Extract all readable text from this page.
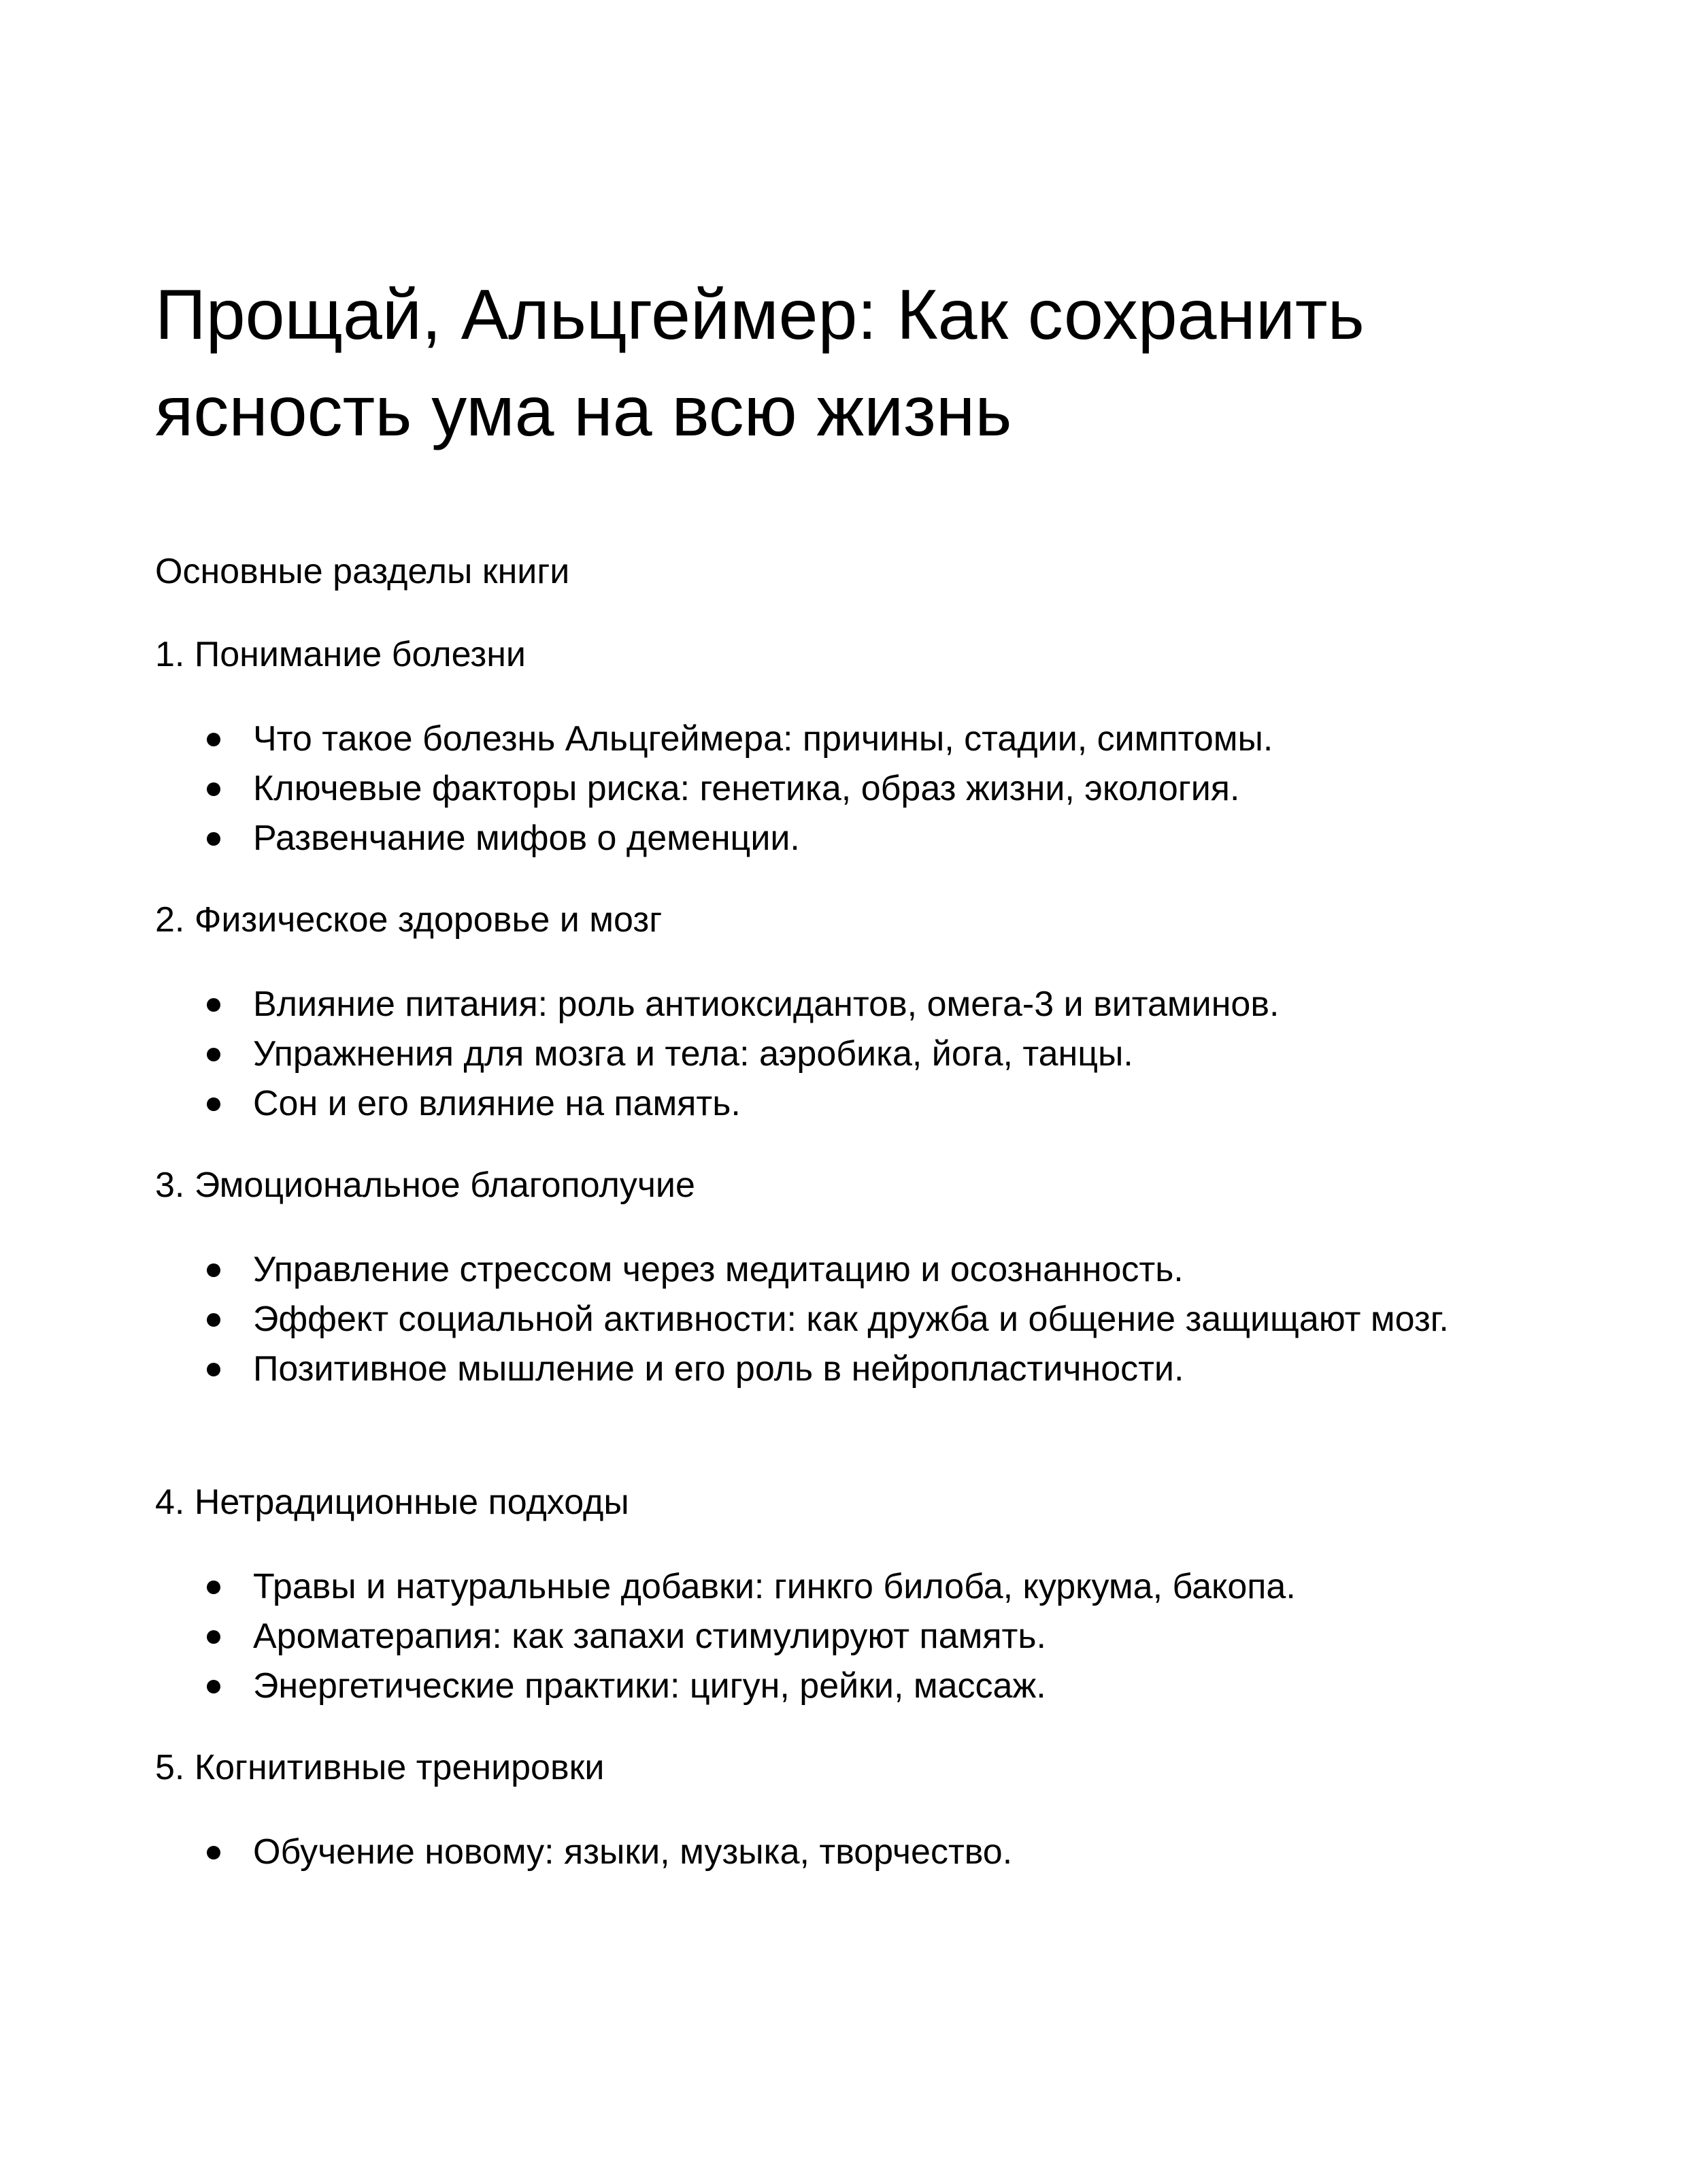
Прощай, Альцгеймер: Как сохранить ясность ума на всю жизнь

Основные разделы книги

1. Понимание болезни
Что такое болезнь Альцгеймера: причины, стадии, симптомы.
Ключевые факторы риска: генетика, образ жизни, экология.
Развенчание мифов о деменции.
2. Физическое здоровье и мозг
Влияние питания: роль антиоксидантов, омега-3 и витаминов.
Упражнения для мозга и тела: аэробика, йога, танцы.
Сон и его влияние на память.
3. Эмоциональное благополучие
Управление стрессом через медитацию и осознанность.
Эффект социальной активности: как дружба и общение защищают мозг.
Позитивное мышление и его роль в нейропластичности.
4. Нетрадиционные подходы
Травы и натуральные добавки: гинкго билоба, куркума, бакопа.
Ароматерапия: как запахи стимулируют память.
Энергетические практики: цигун, рейки, массаж.
5. Когнитивные тренировки
Обучение новому: языки, музыка, творчество.
